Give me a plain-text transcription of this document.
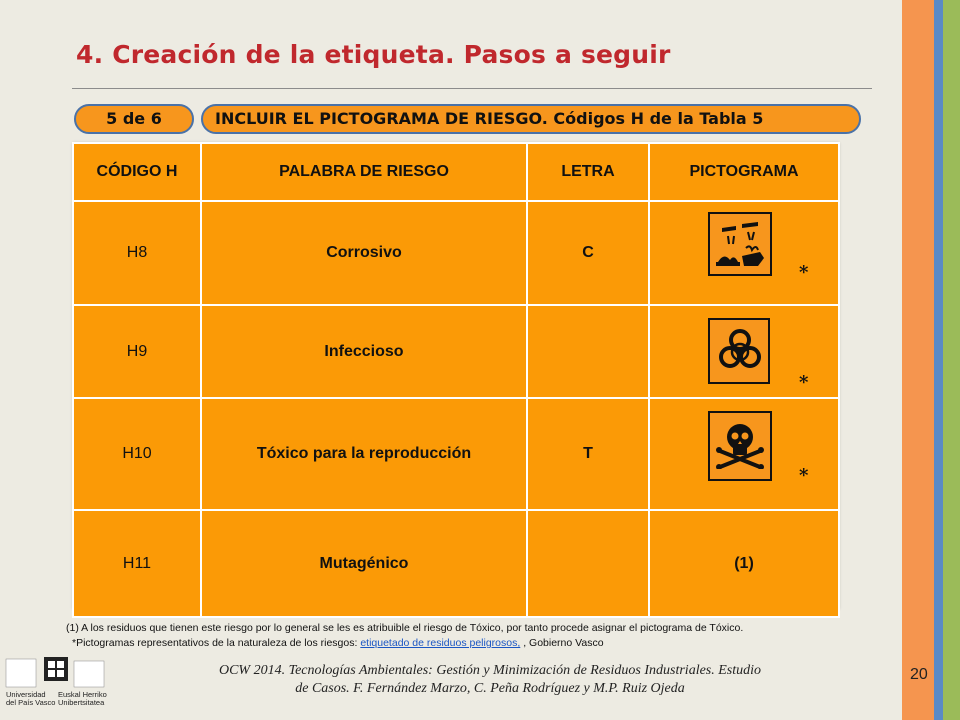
4. Creación de la etiqueta. Pasos a seguir
5 de 6	INCLUIR EL PICTOGRAMA DE RIESGO. Códigos H de la Tabla 5
CÓDIGO H	PALABRA DE RIESGO	LETRA	PICTOGRAMA
H8	Corrosivo	C	*

H9	Infeccioso		*

H10	Tóxico para la reproducción	T	*

H11	Mutagénico		(1)
(1) A los residuos que tienen este riesgo por lo general se les es atribuible el riesgo de Tóxico, por tanto procede asignar el pictograma de Tóxico.
*Pictogramas representativos de la naturaleza de los riesgos: etiquetado de residuos peligrosos, , Gobierno Vasco
Universidad
del País Vasco
Euskal Herriko
Unibertsitatea
OCW 2014. Tecnologías Ambientales: Gestión y Minimización de Residuos Industriales. Estudio
de Casos. F. Fernández Marzo, C. Peña Rodríguez y M.P. Ruiz Ojeda
20
